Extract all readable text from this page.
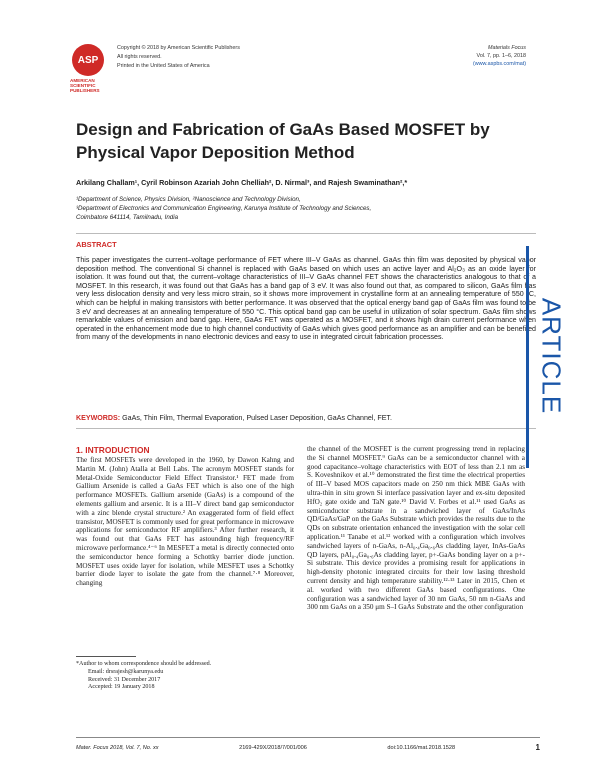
ASP
AMERICAN SCIENTIFIC PUBLISHERS
Copyright © 2018 by American Scientific Publishers
All rights reserved.
Printed in the United States of America
Materials Focus
Vol. 7, pp. 1–6, 2018
(www.aspbs.com/mat)
Design and Fabrication of GaAs Based MOSFET by Physical Vapor Deposition Method
Arkilang Challam¹, Cyril Robinson Azariah John Chelliah², D. Nirmal³, and Rajesh Swaminathan²,*
¹Department of Science, Physics Division, ²Nanoscience and Technology Division,
³Department of Electronics and Communication Engineering, Karunya Institute of Technology and Sciences,
Coimbatore 641114, Tamilnadu, India
ABSTRACT
This paper investigates the current–voltage performance of FET where III–V GaAs as channel. GaAs thin film was deposited by physical vapor deposition method. The conventional Si channel is replaced with GaAs based on which uses an active layer and Al₂O₃ as an oxide layer for isolation. It was found out that, the current–voltage characteristics of III–V GaAs channel FET shows the characteristics analogous to that of a MOSFET. In this research, it was found out that GaAs has a band gap of 3 eV. It was also found out that, as compared to silicon, GaAs film has very less dislocation density and very less micro strain, so it shows more improvement in crystalline form at an annealing temperature of 550 °C, which can be helpful in making transistors with better performance. It was observed that the optical energy band gap of GaAs film was found to be 3 eV and decreases at an annealing temperature of 550 °C. This optical band gap can be useful in utilization of solar spectrum. GaAs film shows remarkable values of emission and band gap. Here, GaAs FET was operated as a MOSFET, and it shows high drain current performance when operated in the enhancement mode due to high channel conductivity of GaAs which gives good performance as an amplifier and can be benefited from many of the developments in nano electronic devices and easy to use in integrated circuit fabrication processes.
KEYWORDS: GaAs, Thin Film, Thermal Evaporation, Pulsed Laser Deposition, GaAs Channel, FET.
ARTICLE
1. INTRODUCTION
The first MOSFETs were developed in the 1960, by Dawon Kahng and Martin M. (John) Atalla at Bell Labs. The acronym MOSFET stands for Metal-Oxide Semiconductor Field Effect Transistor.¹ FET made from Gallium Arsenide is called a GaAs FET which is also one of the high performance MOSFETs. Gallium arsenide (GaAs) is a compound of the elements gallium and arsenic. It is a III–V direct band gap semiconductor with a zinc blende crystal structure.² An exaggerated form of field effect transistor, MOSFET is commonly used for great performance in microwave applications for semiconductor RF amplifiers.³ After further research, it was found out that GaAs FET has astounding high frequency/RF microwave performance.⁴⁻⁶ In MESFET a metal is directly connected onto the semiconductor hence forming a Schottky barrier diode junction. MOSFET uses oxide layer for isolation, while MESFET uses a Schottky barrier diode layer to isolate the gate from the channel.⁷·⁸ Moreover, changing
the channel of the MOSFET is the current progressing trend in replacing the Si channel MOSFET.⁹ GaAs can be a semiconductor channel with a good capacitance–voltage characteristics with EOT of less than 2.1 nm as S. Koveshnikov et al.¹⁰ demonstrated the first time the electrical properties of III–V based MOS capacitors made on 250 nm thick MBE GaAs with ultra-thin in situ grown Si interface passivation layer and ex-situ deposited HfO₂ gate oxide and TaN gate.¹⁰ David V. Forbes et al.¹¹ used GaAs as semiconductor substrate in a sandwiched layer of GaAs/InAs QD/GaAs/GaP on the GaAs Substrate which provides the results due to the QDs on substrate orientation enhanced the investigation with the solar cell application.¹¹ Tanabe et al.¹² worked with a configuration which involves sandwiched layers of n-GaAs, n-Al₀.₄Ga₀.₆As cladding layer, InAs-GaAs QD layers, pAl₀.₄Ga₀.₆As cladding layer, p+-GaAs bonding layer on a p+-Si substrate. This device provides a promising result for applications in high-density photonic integrated circuits for their low lasing threshold current density and high temperature stability.¹²·¹³ Later in 2015, Chen et al. worked with two different GaAs based configurations. One configuration was a sandwiched layer of 30 nm GaAs, 50 nm n-GaAs and 300 nm GaAs on a 350 μm S–I GaAs Substrate and the other configuration
*Author to whom correspondence should be addressed.
Email: drsrajesh@karunya.edu
Received: 31 December 2017
Accepted: 19 January 2018
Mater. Focus 2018, Vol. 7, No. xx	2169-429X/2018/7/001/006	doi:10.1166/mat.2018.1528	1
